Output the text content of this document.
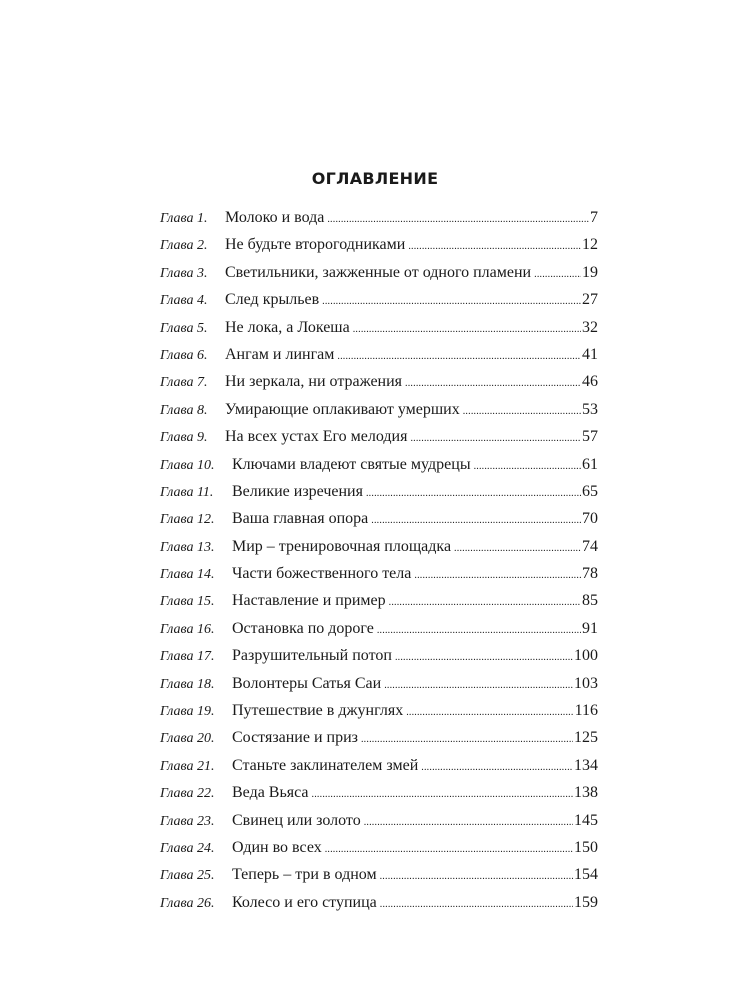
ОГЛАВЛЕНИЕ
Глава 1.	Молоко и вода .....	7
Глава 2.	Не будьте второгодниками .....	12
Глава 3.	Светильники, зажженные от одного пламени .....	19
Глава 4.	След крыльев .....	27
Глава 5.	Не лока, а Локеша .....	32
Глава 6.	Ангам и лингам .....	41
Глава 7.	Ни зеркала, ни отражения .....	46
Глава 8.	Умирающие оплакивают умерших .....	53
Глава 9.	На всех устах Его мелодия .....	57
Глава 10.	Ключами владеют святые мудрецы .....	61
Глава 11.	Великие изречения .....	65
Глава 12.	Ваша главная опора .....	70
Глава 13.	Мир – тренировочная площадка .....	74
Глава 14.	Части божественного тела .....	78
Глава 15.	Наставление и пример .....	85
Глава 16.	Остановка по дороге .....	91
Глава 17.	Разрушительный потоп .....	100
Глава 18.	Волонтеры Сатья Саи .....	103
Глава 19.	Путешествие в джунглях .....	116
Глава 20.	Состязание и приз .....	125
Глава 21.	Станьте заклинателем змей .....	134
Глава 22.	Веда Вьяса .....	138
Глава 23.	Свинец или золото .....	145
Глава 24.	Один во всех .....	150
Глава 25.	Теперь – три в одном .....	154
Глава 26.	Колесо и его ступица .....	159
